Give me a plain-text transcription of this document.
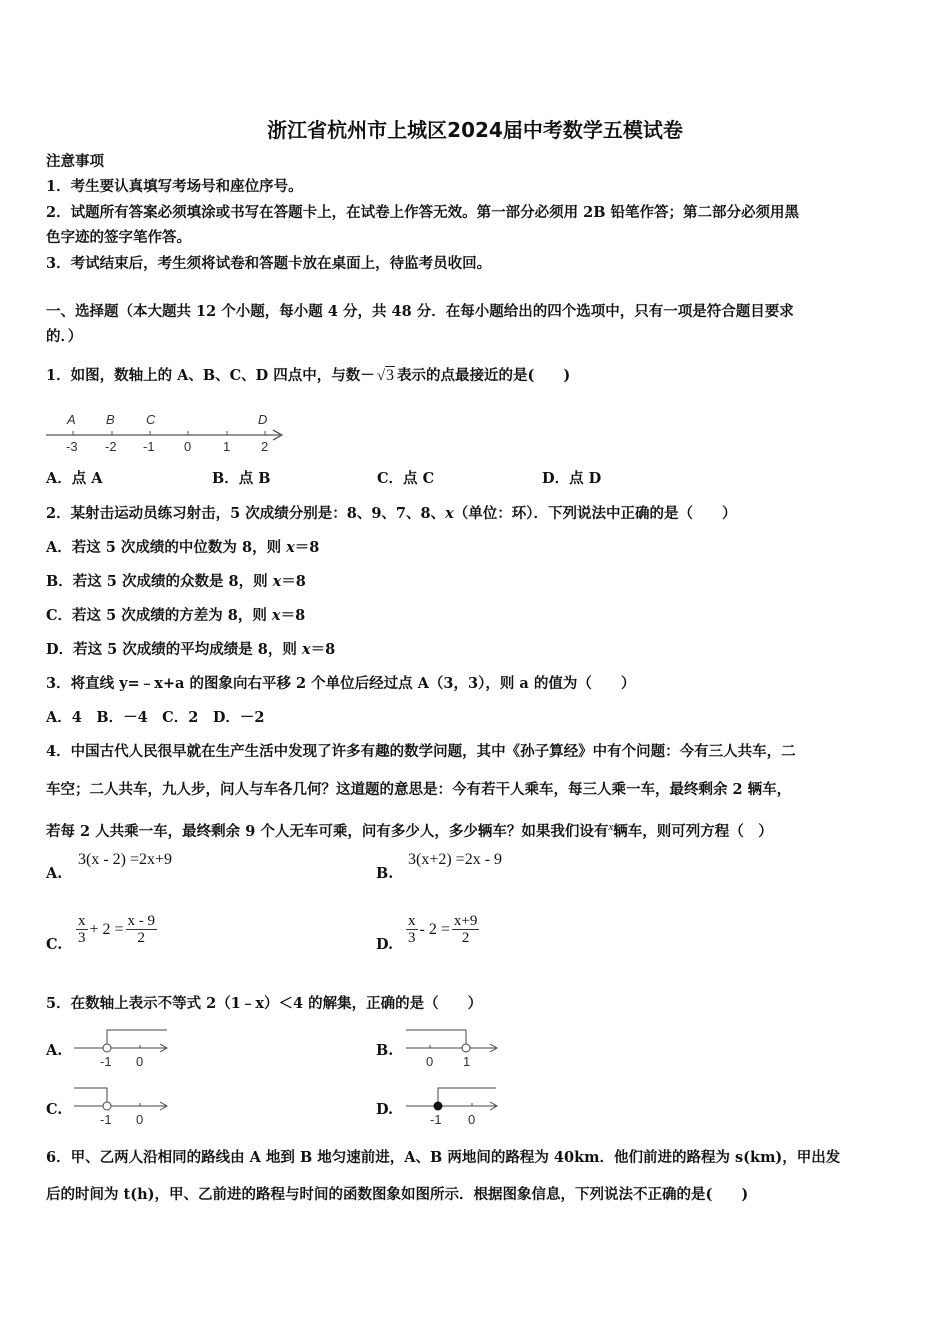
浙江省杭州市上城区2024届中考数学五模试卷
注意事项
1．考生要认真填写考场号和座位序号。
2．试题所有答案必须填涂或书写在答题卡上，在试卷上作答无效。第一部分必须用 2B 铅笔作答；第二部分必须用黑
色字迹的签字笔作答。
3．考试结束后，考生须将试卷和答题卡放在桌面上，待监考员收回。
一、选择题（本大题共 12 个小题，每小题 4 分，共 48 分．在每小题给出的四个选项中，只有一项是符合题目要求
的．）
1．如图，数轴上的 A、B、C、D 四点中，与数－ √3 表示的点最接近的是(　　)
A B C	D
-3 -2 -1 0 1 2
A．点 A	B．点 B	C．点 C	D．点 D
2．某射击运动员练习射击，5 次成绩分别是：8、9、7、8、x（单位：环）．下列说法中正确的是（　　）
A．若这 5 次成绩的中位数为 8，则 x＝8
B．若这 5 次成绩的众数是 8，则 x＝8
C．若这 5 次成绩的方差为 8，则 x＝8
D．若这 5 次成绩的平均成绩是 8，则 x＝8
3．将直线 y=﹣x+a 的图象向右平移 2 个单位后经过点 A（3，3），则 a 的值为（　　）
A．4　B．－4　C．2　D．－2
4．中国古代人民很早就在生产生活中发现了许多有趣的数学问题，其中《孙子算经》中有个问题：今有三人共车，二
车空；二人共车，九人步，问人与车各几何？这道题的意思是：今有若干人乘车，每三人乘一车，最终剩余 2 辆车，
若每 2 人共乘一车，最终剩余 9 个人无车可乘，问有多少人，多少辆车？如果我们设有$^x$辆车，则可列方程（　）
A.
3(x - 2) =2x+9
B.
3(x+2) =2x - 9
C. $\frac{x}{3} + 2 = \frac{x - 9}{2}$	D. $\frac{x}{3} - 2 = \frac{x+9}{2}$
5．在数轴上表示不等式 2（1﹣x）＜4 的解集，正确的是（　　）
A.
-1 0
B.
0 1
C.
-1 0
D.
-1 0
6．甲、乙两人沿相同的路线由 A 地到 B 地匀速前进，A、B 两地间的路程为 40km．他们前进的路程为 s(km)，甲出发
后的时间为 t(h)，甲、乙前进的路程与时间的函数图象如图所示．根据图象信息，下列说法不正确的是(　　)
